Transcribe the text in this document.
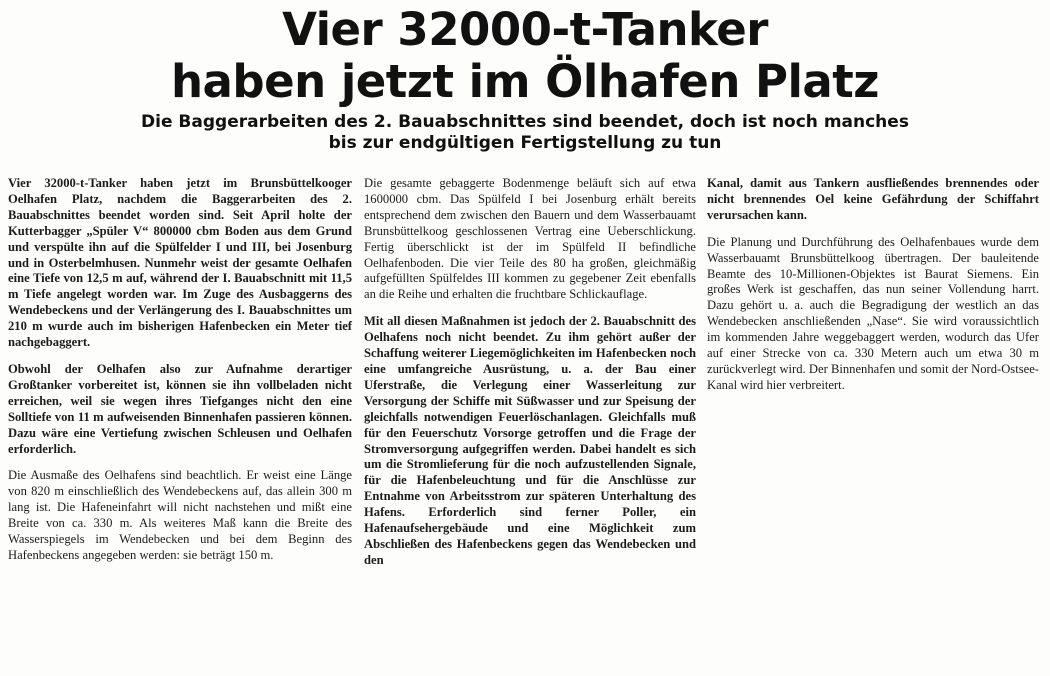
Vier 32000-t-Tanker
haben jetzt im Ölhafen Platz
Die Baggerarbeiten des 2. Bauabschnittes sind beendet, doch ist noch manches
bis zur endgültigen Fertigstellung zu tun

Vier 32000-t-Tanker haben jetzt im Brunsbüttelkooger Oelhafen Platz, nachdem die Baggerarbeiten des 2. Bauabschnittes beendet worden sind. Seit April holte der Kutterbagger „Spüler V“ 800000 cbm Boden aus dem Grund und verspülte ihn auf die Spülfelder I und III, bei Josenburg und in Osterbelmhusen. Nunmehr weist der gesamte Oelhafen eine Tiefe von 12,5 m auf, während der I. Bauabschnitt mit 11,5 m Tiefe angelegt worden war. Im Zuge des Ausbaggerns des Wendebeckens und der Verlängerung des I. Bauabschnittes um 210 m wurde auch im bisherigen Hafenbecken ein Meter tief nachgebaggert.

Obwohl der Oelhafen also zur Aufnahme derartiger Großtanker vorbereitet ist, können sie ihn vollbeladen nicht erreichen, weil sie wegen ihres Tiefganges nicht den eine Solltiefe von 11 m aufweisenden Binnenhafen passieren können. Dazu wäre eine Vertiefung zwischen Schleusen und Oelhafen erforderlich.

Die Ausmaße des Oelhafens sind beachtlich. Er weist eine Länge von 820 m einschließlich des Wendebeckens auf, das allein 300 m lang ist. Die Hafeneinfahrt will nicht nachstehen und mißt eine Breite von ca. 330 m. Als weiteres Maß kann die Breite des Wasserspiegels im Wendebecken und bei dem Beginn des Hafenbeckens angegeben werden: sie beträgt 150 m.

Die gesamte gebaggerte Bodenmenge beläuft sich auf etwa 1600000 cbm. Das Spülfeld I bei Josenburg erhält bereits entsprechend dem zwischen den Bauern und dem Wasserbauamt Brunsbüttelkoog geschlossenen Vertrag eine Ueberschlickung. Fertig überschlickt ist der im Spülfeld II befindliche Oelhafenboden. Die vier Teile des 80 ha großen, gleichmäßig aufgefüllten Spülfeldes III kommen zu gegebener Zeit ebenfalls an die Reihe und erhalten die fruchtbare Schlickauflage.

Mit all diesen Maßnahmen ist jedoch der 2. Bauabschnitt des Oelhafens noch nicht beendet. Zu ihm gehört außer der Schaffung weiterer Liegemöglichkeiten im Hafenbecken noch eine umfangreiche Ausrüstung, u. a. der Bau einer Uferstraße, die Verlegung einer Wasserleitung zur Versorgung der Schiffe mit Süßwasser und zur Speisung der gleichfalls notwendigen Feuerlöschanlagen. Gleichfalls muß für den Feuerschutz Vorsorge getroffen und die Frage der Stromversorgung aufgegriffen werden. Dabei handelt es sich um die Stromlieferung für die noch aufzustellenden Signale, für die Hafenbeleuchtung und für die Anschlüsse zur Entnahme von Arbeitsstrom zur späteren Unterhaltung des Hafens. Erforderlich sind ferner Poller, ein Hafenaufsehergebäude und eine Möglichkeit zum Abschließen des Hafenbeckens gegen das Wendebecken und den

Kanal, damit aus Tankern ausfließendes brennendes oder nicht brennendes Oel keine Gefährdung der Schiffahrt verursachen kann.

Die Planung und Durchführung des Oelhafenbaues wurde dem Wasserbauamt Brunsbüttelkoog übertragen. Der bauleitende Beamte des 10-Millionen-Objektes ist Baurat Siemens. Ein großes Werk ist geschaffen, das nun seiner Vollendung harrt. Dazu gehört u. a. auch die Begradigung der westlich an das Wendebecken anschließenden „Nase“. Sie wird voraussichtlich im kommenden Jahre weggebaggert werden, wodurch das Ufer auf einer Strecke von ca. 330 Metern auch um etwa 30 m zurückverlegt wird. Der Binnenhafen und somit der Nord-Ostsee-Kanal wird hier verbreitert.
